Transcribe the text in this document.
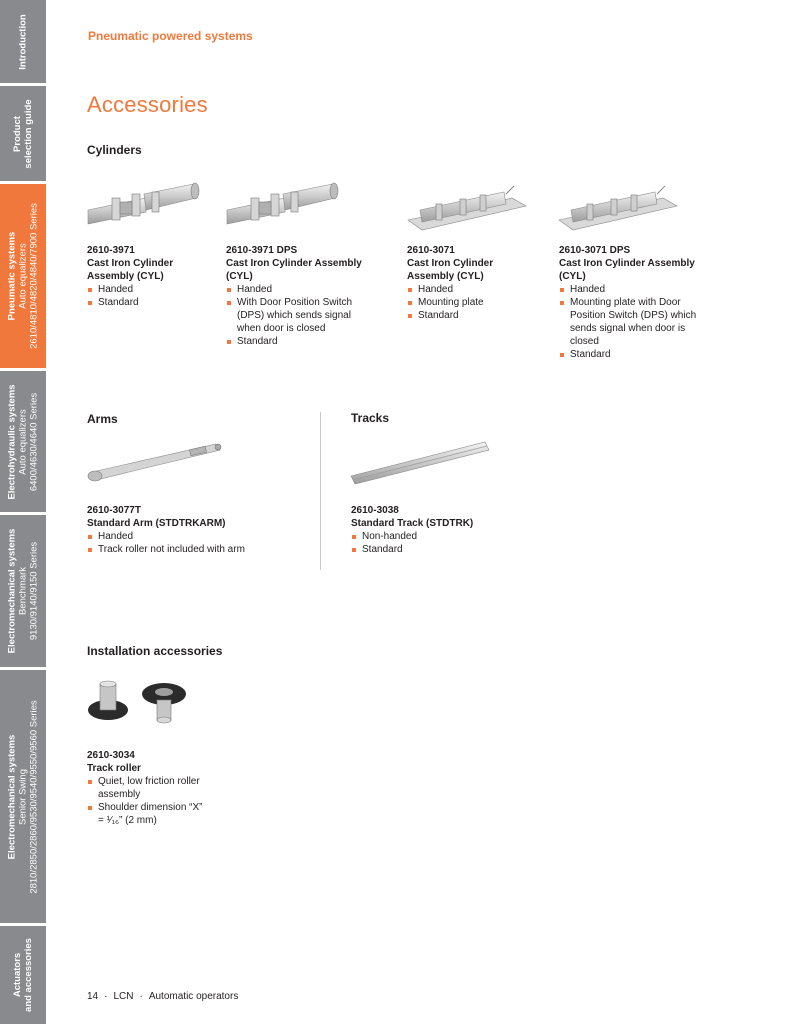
Introduction
Product selection guide
Pneumatic systems Auto equalizers 2610/4810/4820/4840/7900 Series
Electrohydraulic systems Auto equalizers 6400/4630/4640 Series
Electromechanical systems Benchmark 9130/9140/9150 Series
Electromechanical systems Senior Swing 2810/2850/2860/9530/9540/9550/9560 Series
Actuators and accessories
Pneumatic powered systems
Accessories
Cylinders
2610-3971
Cast Iron Cylinder
Assembly (CYL)
Handed
Standard
2610-3971 DPS
Cast Iron Cylinder Assembly
(CYL)
Handed
With Door Position Switch (DPS) which sends signal when door is closed
Standard
2610-3071
Cast Iron Cylinder
Assembly (CYL)
Handed
Mounting plate
Standard
2610-3071 DPS
Cast Iron Cylinder Assembly
(CYL)
Handed
Mounting plate with Door Position Switch (DPS) which sends signal when door is closed
Standard
Arms	Tracks
2610-3077T
Standard Arm (STDTRKARM)
Handed
Track roller not included with arm
2610-3038
Standard Track (STDTRK)
Non-handed
Standard
Installation accessories
2610-3034
Track roller
Quiet, low friction roller assembly
Shoulder dimension “X” = ¹⁄₁₆” (2 mm)
14 · LCN · Automatic operators
